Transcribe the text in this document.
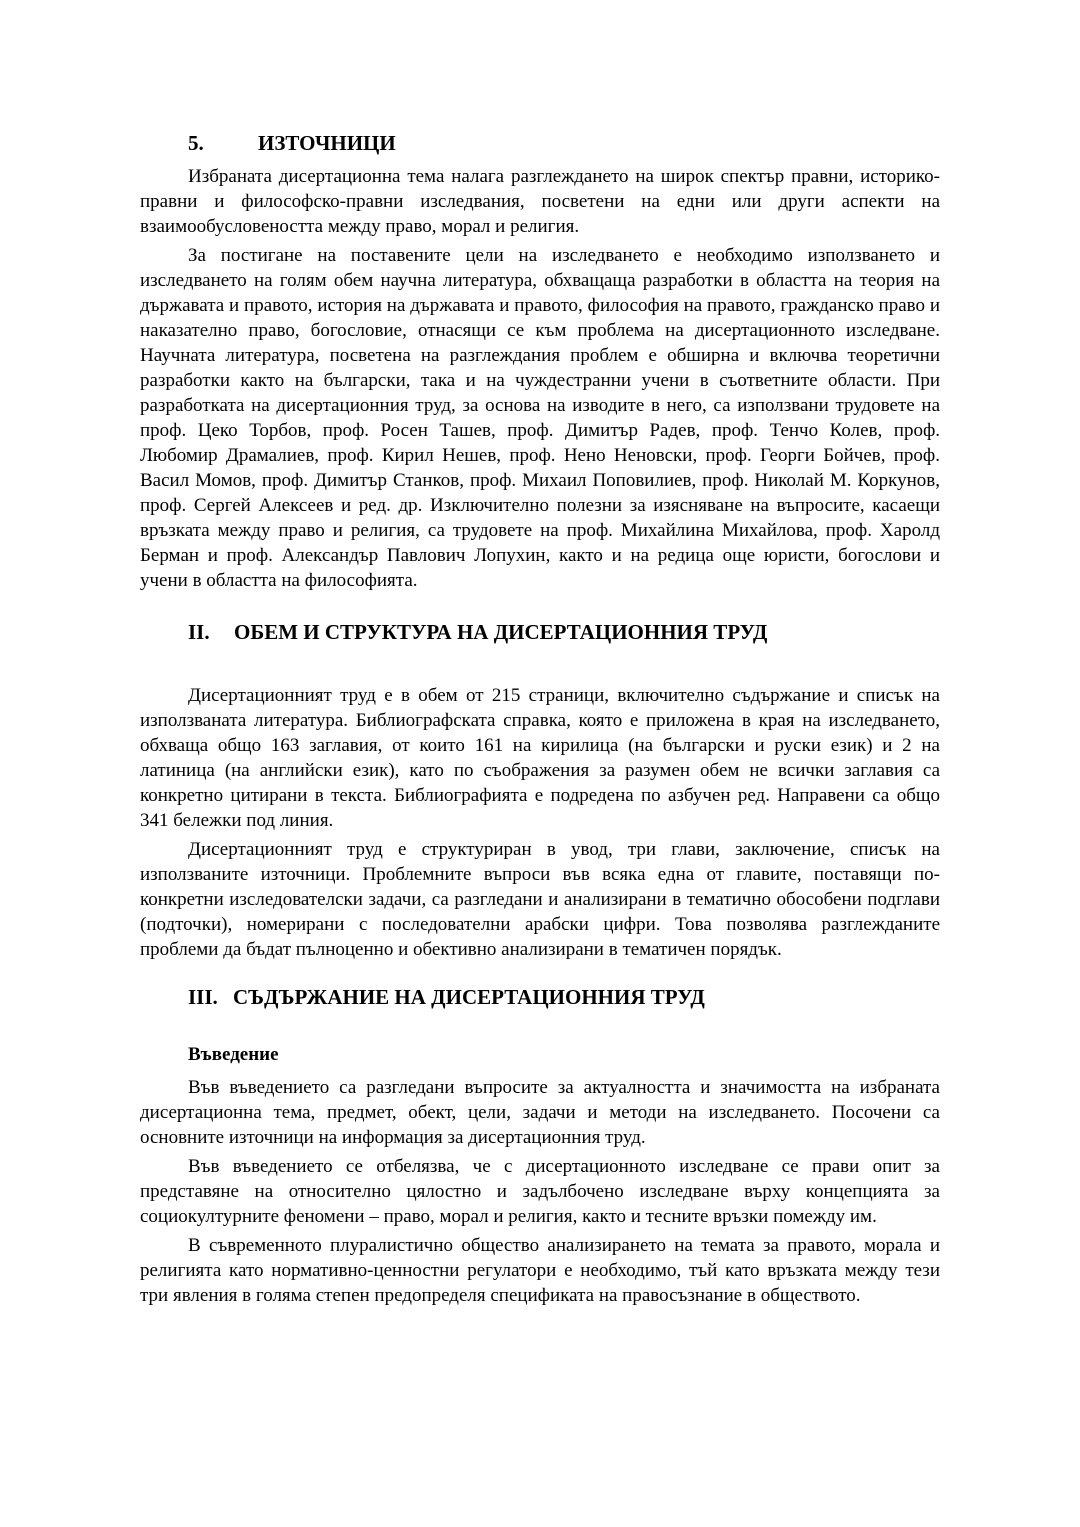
5.	ИЗТОЧНИЦИ

Избраната дисертационна тема налага разглеждането на широк спектър правни, историко-правни и философско-правни изследвания, посветени на едни или други аспекти на взаимообусловеността между право, морал и религия.

За постигане на поставените цели на изследването е необходимо използването и изследването на голям обем научна литература, обхващаща разработки в областта на теория на държавата и правото, история на държавата и правото, философия на правото, гражданско право и наказателно право, богословие, отнасящи се към проблема на дисертационното изследване. Научната литература, посветена на разглеждания проблем е обширна и включва теоретични разработки както на български, така и на чуждестранни учени в съответните области. При разработката на дисертационния труд, за основа на изводите в него, са използвани трудовете на проф. Цеко Торбов, проф. Росен Ташев, проф. Димитър Радев, проф. Тенчо Колев, проф. Любомир Драмалиев, проф. Кирил Нешев, проф. Нено Неновски, проф. Георги Бойчев, проф. Васил Момов, проф. Димитър Станков, проф. Михаил Поповилиев, проф. Николай М. Коркунов, проф. Сергей Алексеев и ред. др. Изключително полезни за изясняване на въпросите, касаещи връзката между право и религия, са трудовете на проф. Михайлина Михайлова, проф. Харолд Берман и проф. Александър Павлович Лопухин, както и на редица още юристи, богослови и учени в областта на философията.

II. ОБЕМ И СТРУКТУРА НА ДИСЕРТАЦИОННИЯ ТРУД

Дисертационният труд е в обем от 215 страници, включително съдържание и списък на използваната литература. Библиографската справка, която е приложена в края на изследването, обхваща общо 163 заглавия, от които 161 на кирилица (на български и руски език) и 2 на латиница (на английски език), като по съображения за разумен обем не всички заглавия са конкретно цитирани в текста. Библиографията е подредена по азбучен ред. Направени са общо 341 бележки под линия.

Дисертационният труд е структуриран в увод, три глави, заключение, списък на използваните източници. Проблемните въпроси във всяка една от главите, поставящи по-конкретни изследователски задачи, са разгледани и анализирани в тематично обособени подглави (подточки), номерирани с последователни арабски цифри. Това позволява разглежданите проблеми да бъдат пълноценно и обективно анализирани в тематичен порядък.

III. СЪДЪРЖАНИЕ НА ДИСЕРТАЦИОННИЯ ТРУД
Въведение

Във въведението са разгледани въпросите за актуалността и значимостта на избраната дисертационна тема, предмет, обект, цели, задачи и методи на изследването. Посочени са основните източници на информация за дисертационния труд.

Във въведението се отбелязва, че с дисертационното изследване се прави опит за представяне на относително цялостно и задълбочено изследване върху концепцията за социокултурните феномени – право, морал и религия, както и тесните връзки помежду им.

В съвременното плуралистично общество анализирането на темата за правото, морала и религията като нормативно-ценностни регулатори е необходимо, тъй като връзката между тези три явления в голяма степен предопределя спецификата на правосъзнание в обществото.
